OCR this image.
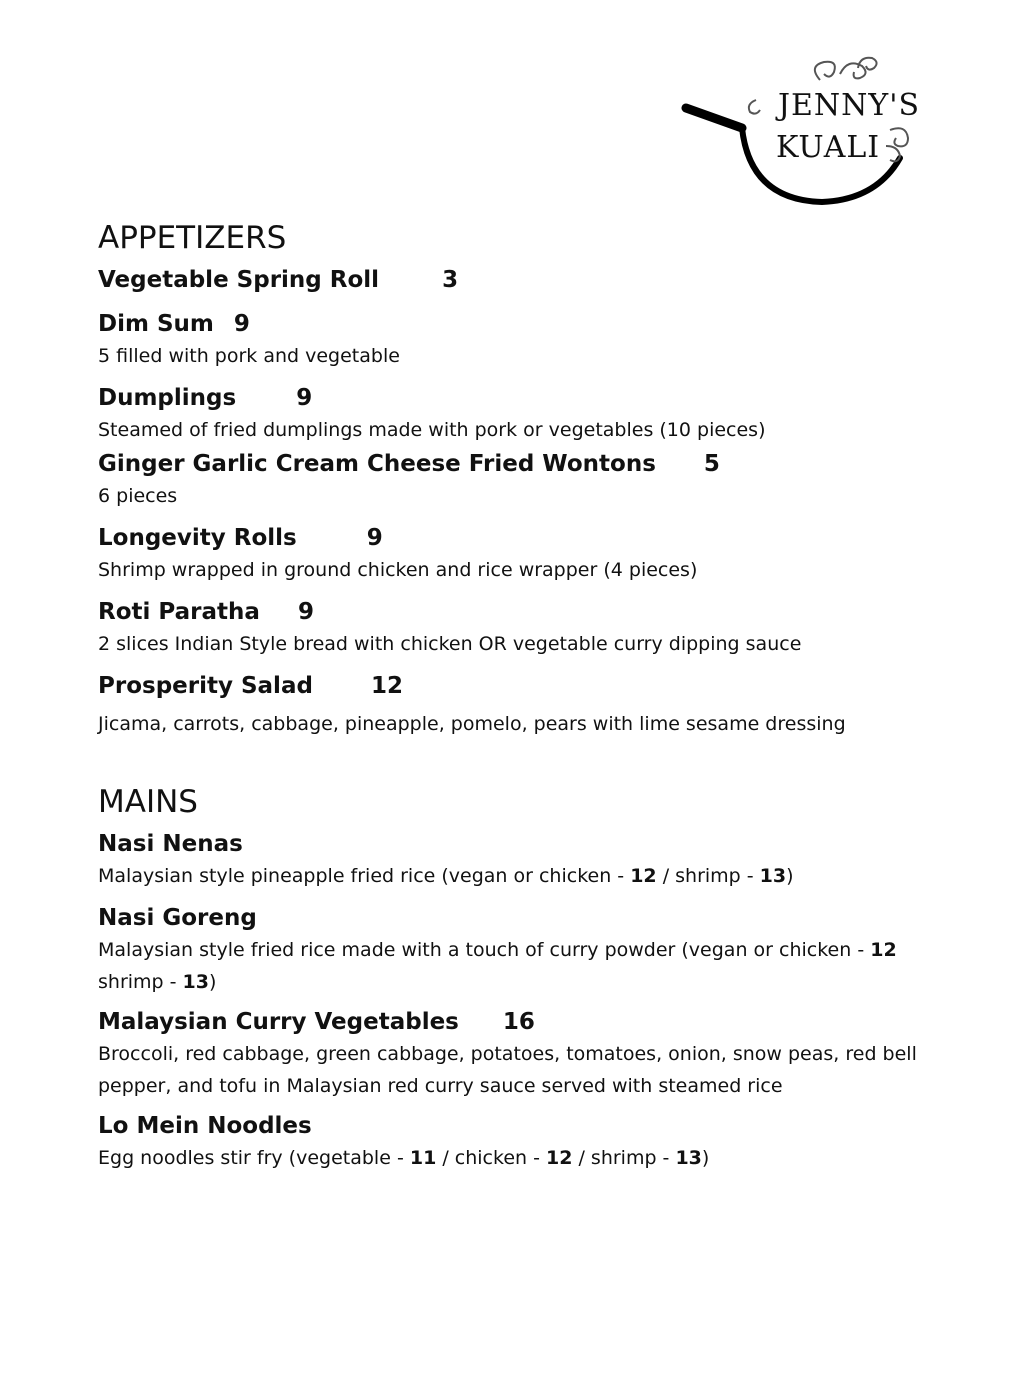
JENNY'S
KUALI
APPETIZERS
Vegetable Spring Roll	3
Dim Sum 9

5 filled with pork and vegetable

Dumplings	9

Steamed of fried dumplings made with pork or vegetables (10 pieces)

Ginger Garlic Cream Cheese Fried Wontons 5

6 pieces

Longevity Rolls	9

Shrimp wrapped in ground chicken and rice wrapper (4 pieces)

Roti Paratha 9

2 slices Indian Style bread with chicken OR vegetable curry dipping sauce

Prosperity Salad	12

Jicama, carrots, cabbage, pineapple, pomelo, pears with lime sesame dressing

MAINS
Nasi Nenas

Malaysian style pineapple fried rice (vegan or chicken - 12 / shrimp - 13)

Nasi Goreng

Malaysian style fried rice made with a touch of curry powder (vegan or chicken - 12 shrimp - 13)

Malaysian Curry Vegetables 16

Broccoli, red cabbage, green cabbage, potatoes, tomatoes, onion, snow peas, red bell pepper, and tofu in Malaysian red curry sauce served with steamed rice

Lo Mein Noodles

Egg noodles stir fry (vegetable - 11 / chicken - 12 / shrimp - 13)
